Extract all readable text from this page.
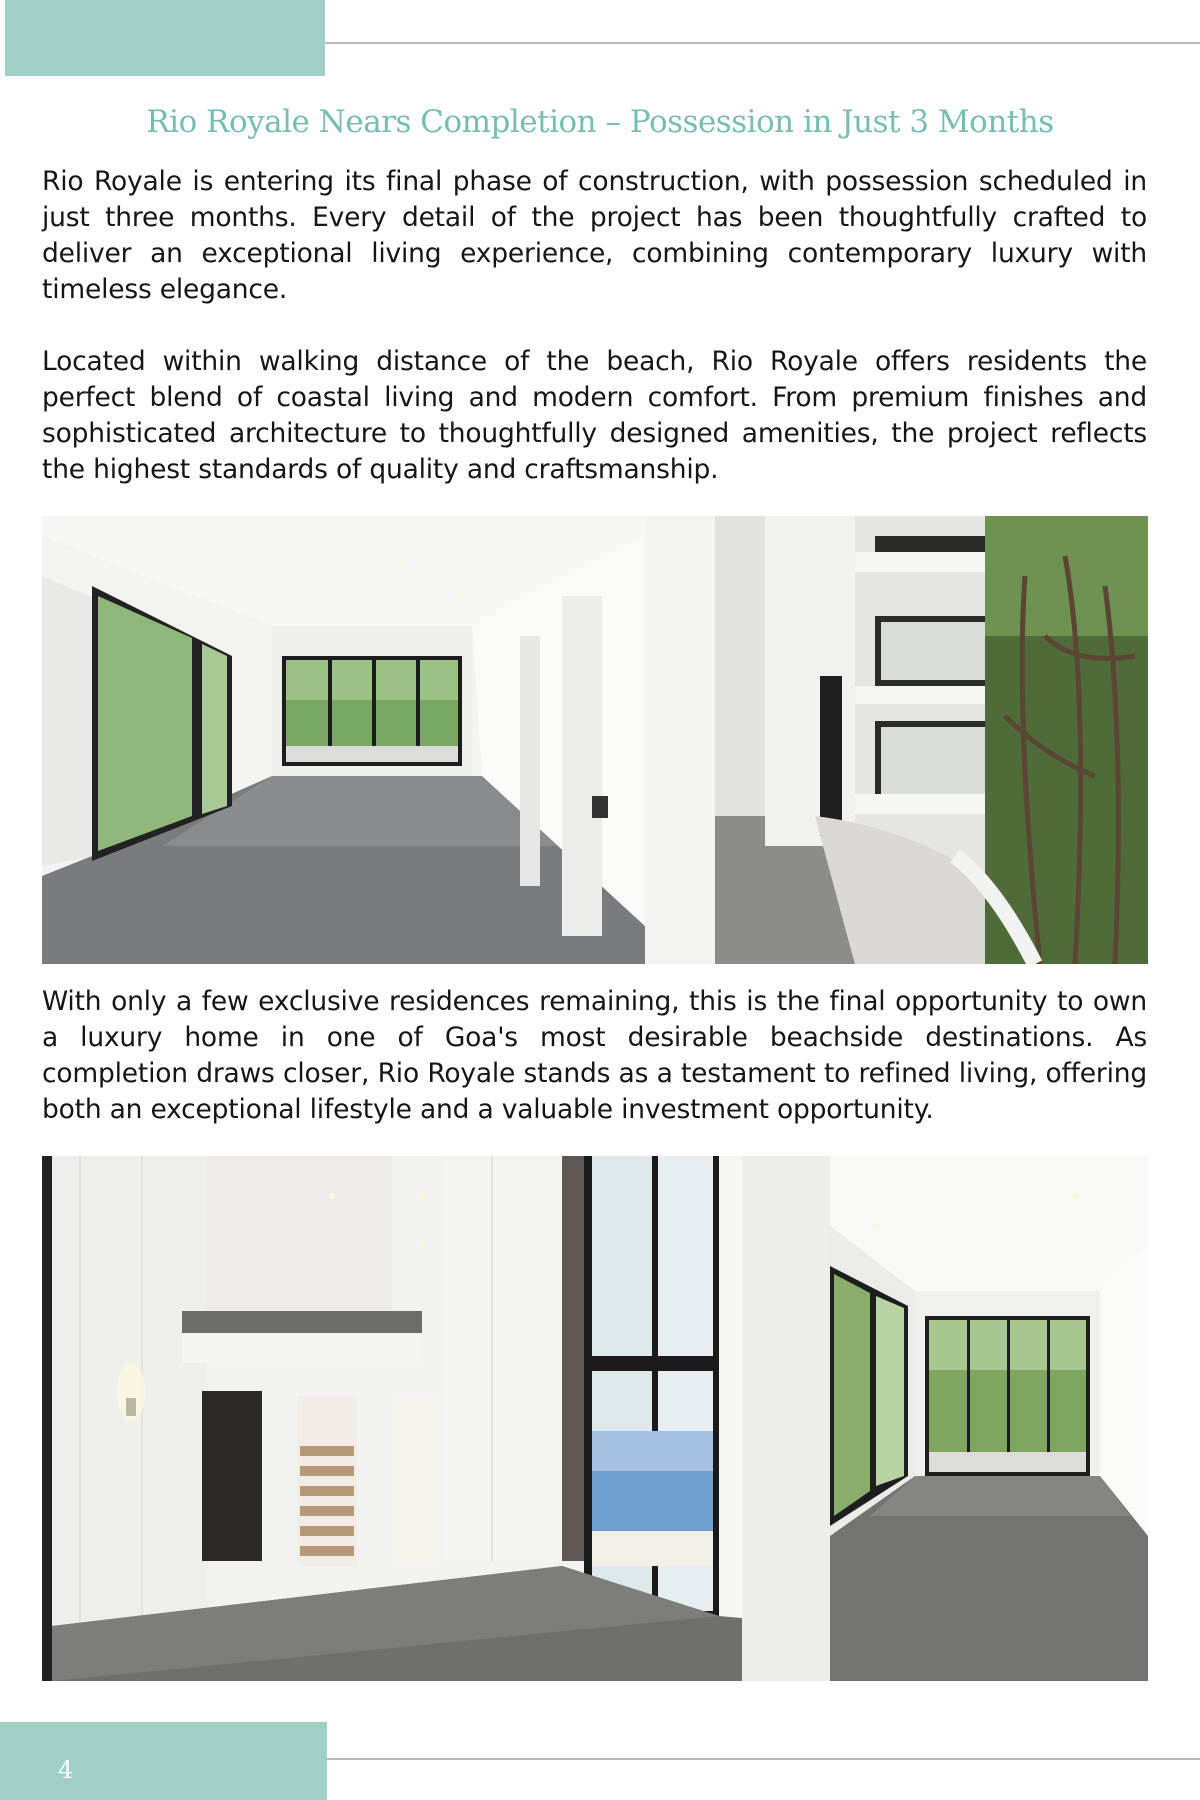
Rio Royale Nears Completion – Possession in Just 3 Months

Rio Royale is entering its final phase of construction, with possession scheduled in just three months. Every detail of the project has been thoughtfully crafted to deliver an exceptional living experience, combining contemporary luxury with timeless elegance.

Located within walking distance of the beach, Rio Royale offers residents the perfect blend of coastal living and modern comfort. From premium finishes and sophisticated architecture to thoughtfully designed amenities, the project reflects the highest standards of quality and craftsmanship.

With only a few exclusive residences remaining, this is the final opportunity to own a luxury home in one of Goa's most desirable beachside destinations. As completion draws closer, Rio Royale stands as a testament to refined living, offering both an exceptional lifestyle and a valuable investment opportunity.

4
